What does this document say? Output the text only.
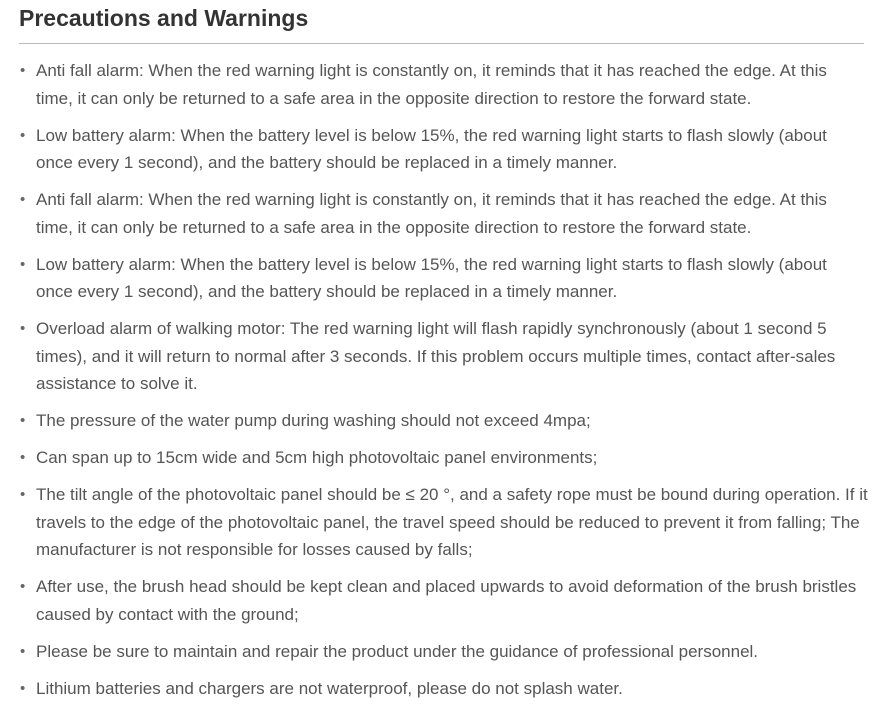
Precautions and Warnings
• Anti fall alarm: When the red warning light is constantly on, it reminds that it has reached the edge. At this time, it can only be returned to a safe area in the opposite direction to restore the forward state.
• Low battery alarm: When the battery level is below 15%, the red warning light starts to flash slowly (about once every 1 second), and the battery should be replaced in a timely manner.
• Anti fall alarm: When the red warning light is constantly on, it reminds that it has reached the edge. At this time, it can only be returned to a safe area in the opposite direction to restore the forward state.
• Low battery alarm: When the battery level is below 15%, the red warning light starts to flash slowly (about once every 1 second), and the battery should be replaced in a timely manner.
• Overload alarm of walking motor: The red warning light will flash rapidly synchronously (about 1 second 5 times), and it will return to normal after 3 seconds. If this problem occurs multiple times, contact after-sales assistance to solve it.
• The pressure of the water pump during washing should not exceed 4mpa;
• Can span up to 15cm wide and 5cm high photovoltaic panel environments;
• The tilt angle of the photovoltaic panel should be ≤ 20 °, and a safety rope must be bound during operation. If it travels to the edge of the photovoltaic panel, the travel speed should be reduced to prevent it from falling; The manufacturer is not responsible for losses caused by falls;
• After use, the brush head should be kept clean and placed upwards to avoid deformation of the brush bristles caused by contact with the ground;
• Please be sure to maintain and repair the product under the guidance of professional personnel.
• Lithium batteries and chargers are not waterproof, please do not splash water.
